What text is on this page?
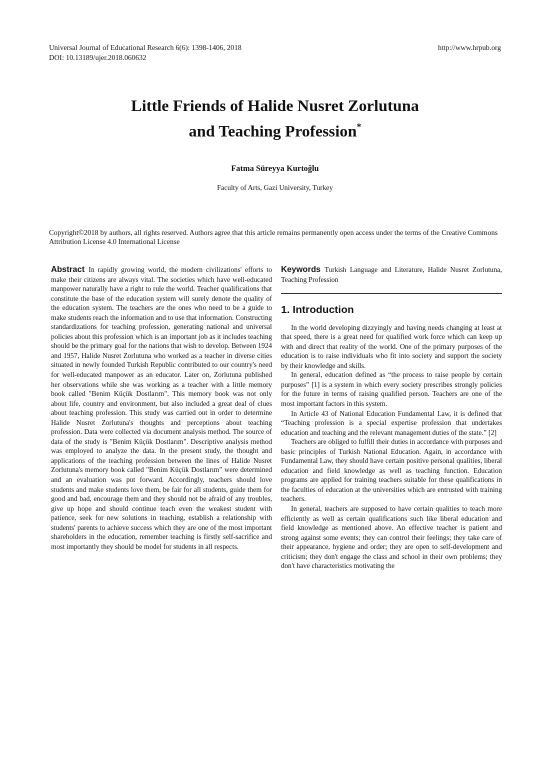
Universal Journal of Educational Research 6(6): 1398-1406, 2018	http://www.hrpub.org
DOI: 10.13189/ujer.2018.060632
Little Friends of Halide Nusret Zorlutuna
and Teaching Profession*
Fatma Süreyya Kurtoğlu
Faculty of Arts, Gazi University, Turkey
Copyright©2018 by authors, all rights reserved. Authors agree that this article remains permanently open access under the terms of the Creative Commons Attribution License 4.0 International License

Abstract In rapidly growing world, the modern civilizations' efforts to make their citizens are always vital. The societies which have well-educated manpower naturally have a right to rule the world. Teacher qualifications that constitute the base of the education system will surely denote the quality of the education system. The teachers are the ones who need to be a guide to make students reach the information and to use that information. Constructing standardizations for teaching profession, generating national and universal policies about this profession which is an important job as it includes teaching should be the primary goal for the nations that wish to develop. Between 1924 and 1957, Halide Nusret Zorlutuna who worked as a teacher in diverse cities situated in newly founded Turkish Republic contributed to our country's need for well-educated manpower as an educator. Later on, Zorlutuna published her observations while she was working as a teacher with a little memory book called "Benim Küçük Dostlarım". This memory book was not only about life, country and environment, but also included a great deal of clues about teaching profession. This study was carried out in order to determine Halide Nusret Zorlutuna's thoughts and perceptions about teaching profession. Data were collected via document analysis method. The source of data of the study is "Benim Küçük Dostlarım". Descriptive analysis method was employed to analyze the data. In the present study, the thought and applications of the teaching profession between the lines of Halide Nusret Zorlutuna's memory book called "Benim Küçük Dostlarım" were determined and an evaluation was put forward. Accordingly, teachers should love students and make students love them, be fair for all students, guide them for good and bad, encourage them and they should not be afraid of any troubles, give up hope and should continue teach even the weakest student with patience, seek for new solutions in teaching, establish a relationship with students' parents to achieve success which they are one of the most important shareholders in the education, remember teaching is firstly self-sacrifice and most importantly they should be model for students in all respects.

Keywords Turkish Language and Literature, Halide Nusret Zorlutuna, Teaching Profession

1. Introduction

In the world developing dizzyingly and having needs changing at least at that speed, there is a great need for qualified work force which can keep up with and direct that reality of the world. One of the primary purposes of the education is to raise individuals who fit into society and support the society by their knowledge and skills.

In general, education defined as “the process to raise people by certain purposes” [1] is a system in which every society prescribes strongly policies for the future in terms of raising qualified person. Teachers are one of the most important factors in this system.

In Article 43 of National Education Fundamental Law, it is defined that “Teaching profession is a special expertise profession that undertakes education and teaching and the relevant management duties of the state.” [2]

Teachers are obliged to fulfill their duties in accordance with purposes and basic principles of Turkish National Education. Again, in accordance with Fundamental Law, they should have certain positive personal qualities, liberal education and field knowledge as well as teaching function. Education programs are applied for training teachers suitable for these qualifications in the faculties of education at the universities which are entrusted with training teachers.

In general, teachers are supposed to have certain qualities to teach more efficiently as well as certain qualifications such like liberal education and field knowledge as mentioned above. An effective teacher is patient and strong against some events; they can control their feelings; they take care of their appearance, hygiene and order; they are open to self-development and criticism; they don't engage the class and school in their own problems; they don't have characteristics motivating the
